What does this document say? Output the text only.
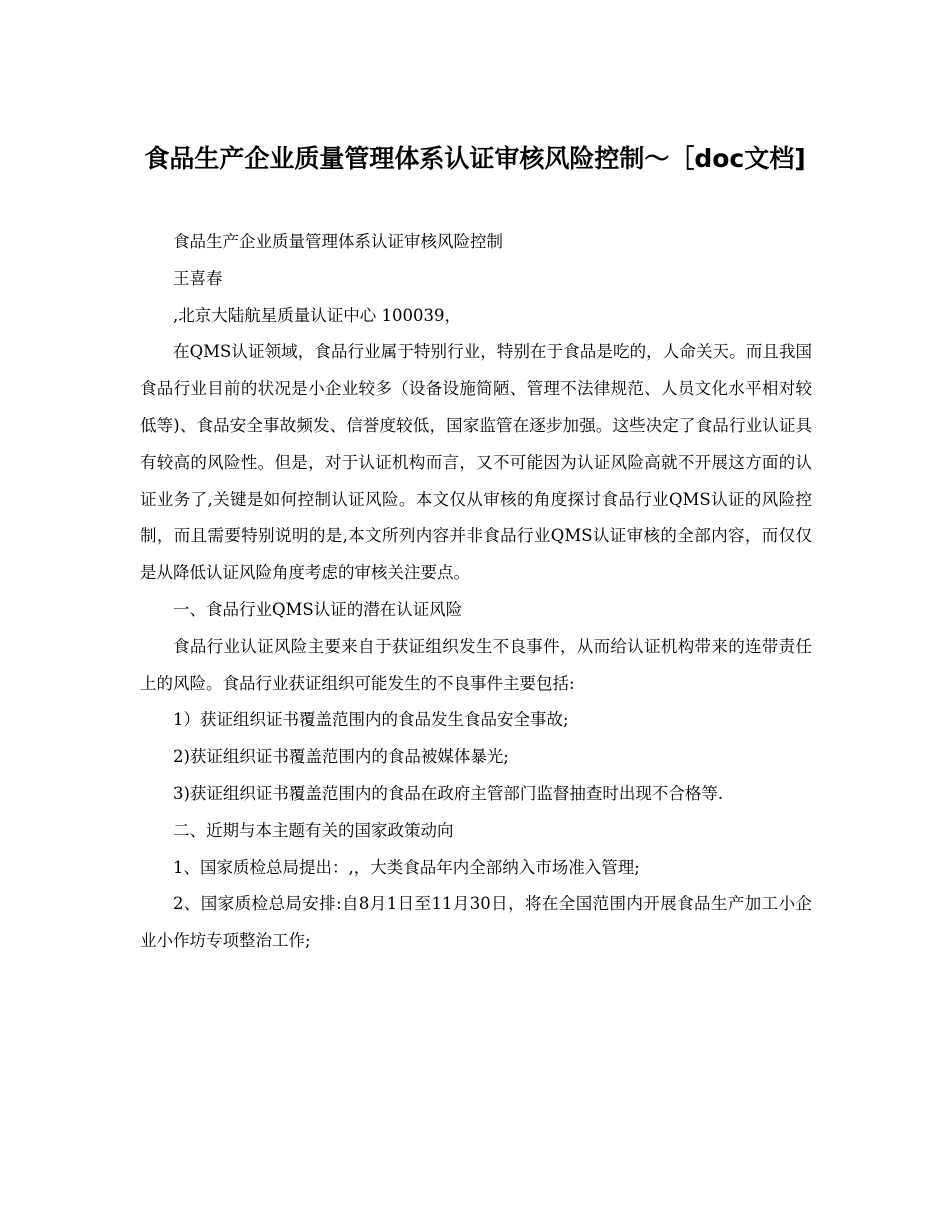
食品生产企业质量管理体系认证审核风险控制～［doc文档]

食品生产企业质量管理体系认证审核风险控制

王喜春

,北京大陆航星质量认证中心 100039，

在QMS认证领域，食品行业属于特别行业，特别在于食品是吃的，人命关天。而且我国食品行业目前的状况是小企业较多（设备设施简陋、管理不法律规范、人员文化水平相对较低等)、食品安全事故频发、信誉度较低，国家监管在逐步加强。这些决定了食品行业认证具有较高的风险性。但是，对于认证机构而言，又不可能因为认证风险高就不开展这方面的认证业务了,关键是如何控制认证风险。本文仅从审核的角度探讨食品行业QMS认证的风险控制，而且需要特别说明的是,本文所列内容并非食品行业QMS认证审核的全部内容，而仅仅是从降低认证风险角度考虑的审核关注要点。

一、食品行业QMS认证的潜在认证风险

食品行业认证风险主要来自于获证组织发生不良事件，从而给认证机构带来的连带责任上的风险。食品行业获证组织可能发生的不良事件主要包括:

1）获证组织证书覆盖范围内的食品发生食品安全事故;

2)获证组织证书覆盖范围内的食品被媒体暴光;

3)获证组织证书覆盖范围内的食品在政府主管部门监督抽查时出现不合格等.

二、近期与本主题有关的国家政策动向

1、国家质检总局提出：,，大类食品年内全部纳入市场准入管理;

2、国家质检总局安排:自8月1日至11月30日，将在全国范围内开展食品生产加工小企业小作坊专项整治工作;
